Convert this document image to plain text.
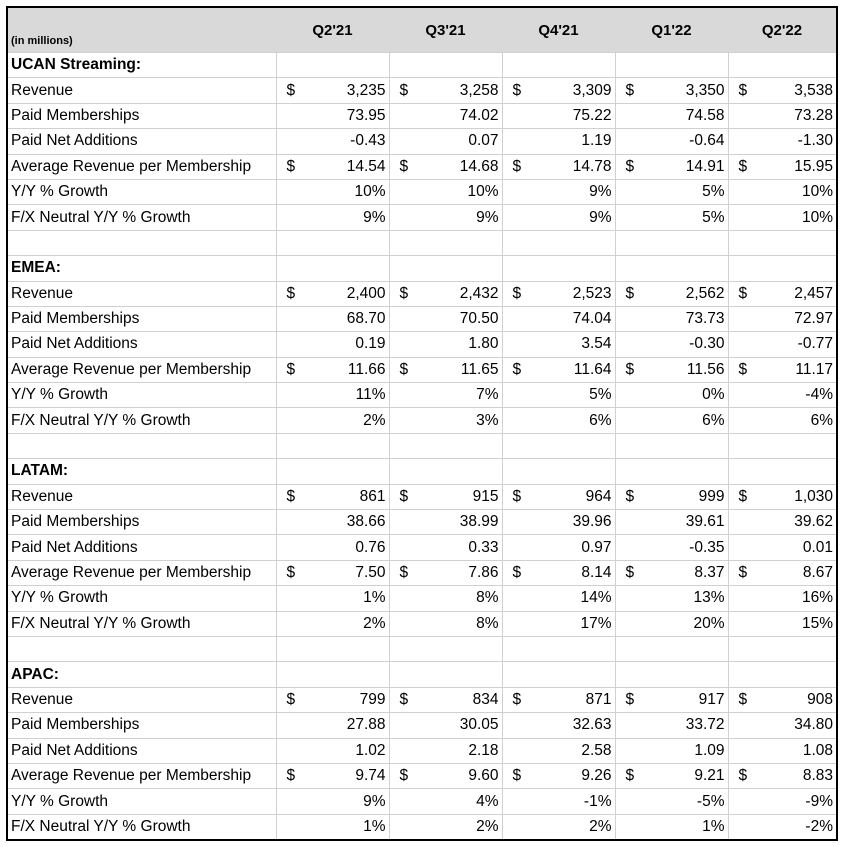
(in millions)	Q2'21	Q3'21	Q4'21	Q1'22	Q2'22
UCAN Streaming:					
Revenue	$ 3,235	$ 3,258	$ 3,309	$ 3,350	$ 3,538
Paid Memberships	73.95	74.02	75.22	74.58	73.28
Paid Net Additions	-0.43	0.07	1.19	-0.64	-1.30
Average Revenue per Membership	$ 14.54	$ 14.68	$ 14.78	$ 14.91	$ 15.95
Y/Y % Growth	10%	10%	9%	5%	10%
F/X Neutral Y/Y % Growth	9%	9%	9%	5%	10%

EMEA:					
Revenue	$ 2,400	$ 2,432	$ 2,523	$ 2,562	$ 2,457
Paid Memberships	68.70	70.50	74.04	73.73	72.97
Paid Net Additions	0.19	1.80	3.54	-0.30	-0.77
Average Revenue per Membership	$ 11.66	$ 11.65	$ 11.64	$ 11.56	$ 11.17
Y/Y % Growth	11%	7%	5%	0%	-4%
F/X Neutral Y/Y % Growth	2%	3%	6%	6%	6%

LATAM:					
Revenue	$ 861	$ 915	$ 964	$ 999	$ 1,030
Paid Memberships	38.66	38.99	39.96	39.61	39.62
Paid Net Additions	0.76	0.33	0.97	-0.35	0.01
Average Revenue per Membership	$ 7.50	$ 7.86	$ 8.14	$ 8.37	$ 8.67
Y/Y % Growth	1%	8%	14%	13%	16%
F/X Neutral Y/Y % Growth	2%	8%	17%	20%	15%

APAC:					
Revenue	$ 799	$ 834	$ 871	$ 917	$ 908
Paid Memberships	27.88	30.05	32.63	33.72	34.80
Paid Net Additions	1.02	2.18	2.58	1.09	1.08
Average Revenue per Membership	$ 9.74	$ 9.60	$ 9.26	$ 9.21	$ 8.83
Y/Y % Growth	9%	4%	-1%	-5%	-9%
F/X Neutral Y/Y % Growth	1%	2%	2%	1%	-2%
